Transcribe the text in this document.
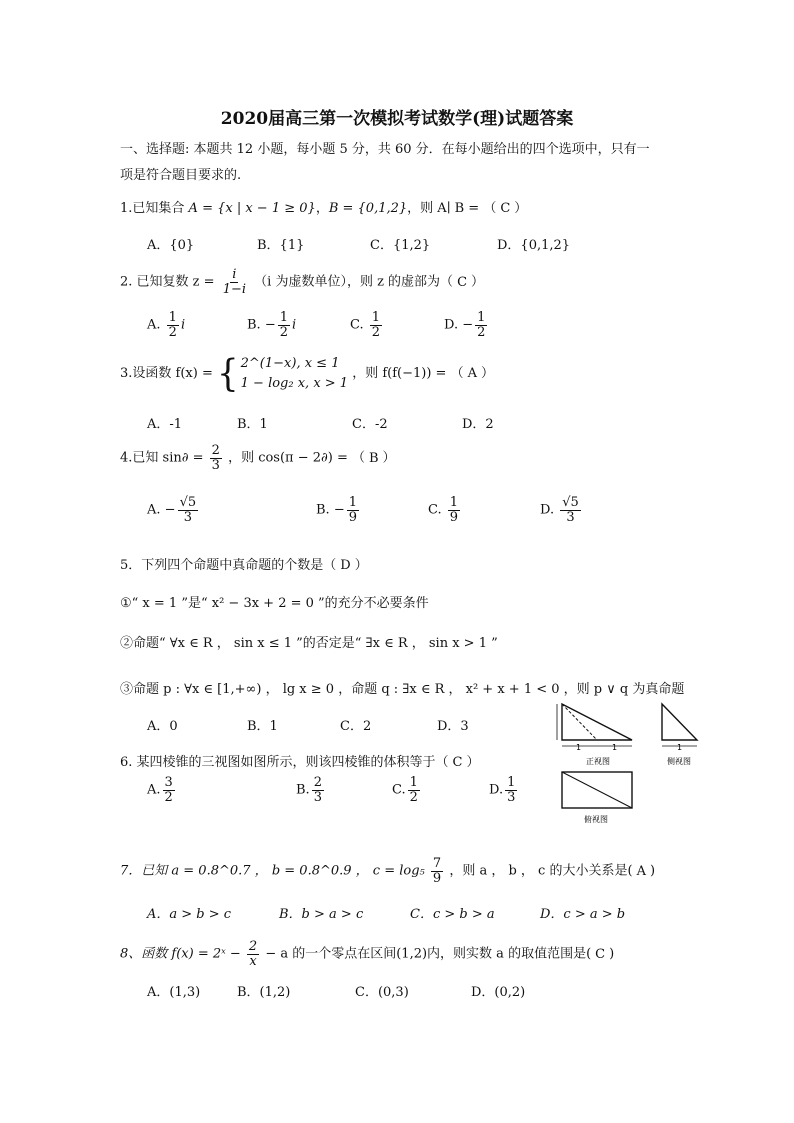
2020届高三第一次模拟考试数学(理)试题答案
一、选择题: 本题共 12 小题，每小题 5 分，共 60 分．在每小题给出的四个选项中，只有一
项是符合题目要求的.
1.已知集合 A = {x | x − 1 ≥ 0}，B = {0,1,2}，则 A∣ B = （ C ）
A．{0}	B．{1}	C．{1,2}	D．{0,1,2}
2. 已知复数 $z = \frac{i}{1-i} (i$ 为虚数单位），则 z 的虚部为（ C ）
A. $\frac{1}{2}$ i	B. − $\frac{1}{2}$ i	C. $\frac{1}{2}$	D. − $\frac{1}{2}$
3.设函数 f(x) = { 2^(1−x), x ≤ 1
1 − log₂ x, x > 1
，则 f(f(−1)) = （ A ）
A．-1	B．1	C．-2	D．2
4.已知 $\sin\partial = \frac{2}{3}$ ，则 cos(π − 2∂) = （ B ）
A. − $\frac{√5}{3}$	B. − $\frac{1}{9}$	C. $\frac{1}{9}$	D. $\frac{√5}{3}$
5．下列四个命题中真命题的个数是（ D ）
①“ x = 1 ”是“ x² − 3x + 2 = 0 ”的充分不必要条件
②命题“ ∀x ∈ R ， sin x ≤ 1 ”的否定是“ ∃x ∈ R ， sin x > 1 ”
③命题 p : ∀x ∈ [1,+∞) ， lg x ≥ 0 ，命题 q : ∃x ∈ R ， x² + x + 1 < 0 ，则 p ∨ q 为真命题
A．0	B．1	C．2	D．3
6. 某四棱锥的三视图如图所示，则该四棱锥的体积等于（ C ）
A. $\frac{3}{2}$	B. $\frac{2}{3}$	C. $\frac{1}{2}$	D. $\frac{1}{3}$
1	1
正视图
1
侧视图
俯视图
7．已知 a = 0.8^0.7 ， b = 0.8^0.9 ， $c = \log_5 \frac{7}{9}$ ，则 a ， b ， c 的大小关系是( A )
A．a > b > c	B．b > a > c	C．c > b > a	D．c > a > b
8、函数 f(x) = 2ˣ − $\frac{2}{x} - a$ 的一个零点在区间(1,2)内，则实数 a 的取值范围是( C )
A．(1,3)	B．(1,2)	C．(0,3)	D．(0,2)
